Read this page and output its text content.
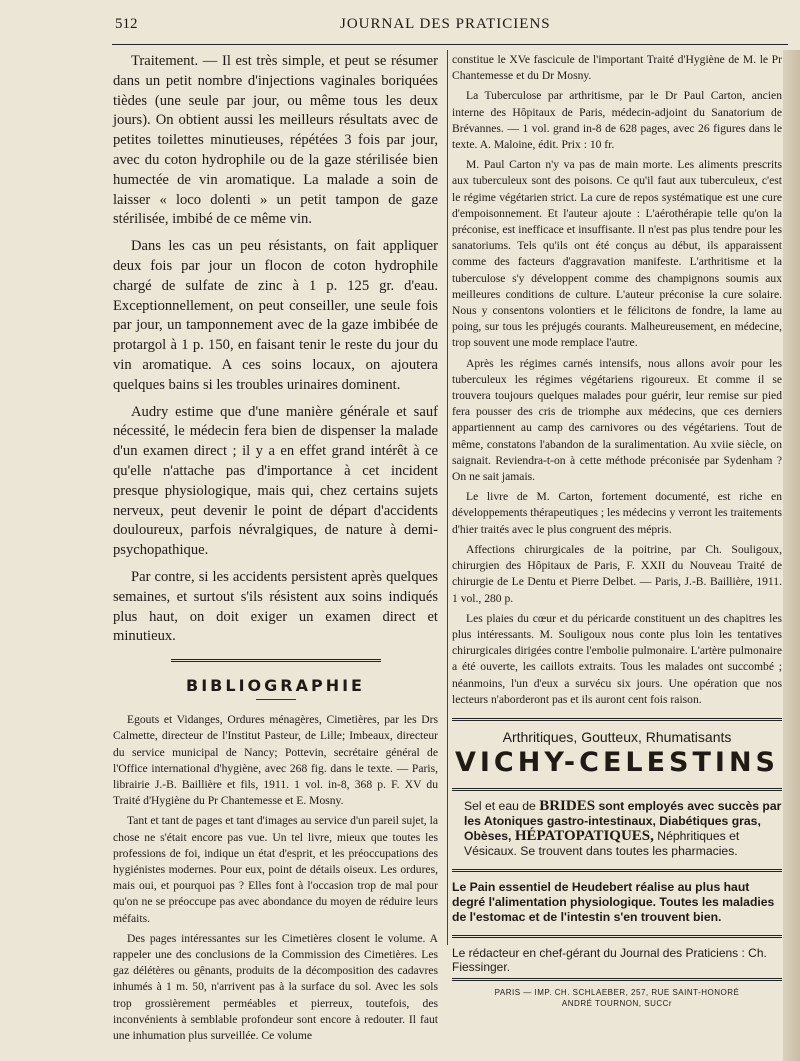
512	JOURNAL DES PRATICIENS

Traitement. — Il est très simple, et peut se résumer dans un petit nombre d'injections vaginales boriquées tièdes (une seule par jour, ou même tous les deux jours). On obtient aussi les meilleurs résultats avec de petites toilettes minutieuses, répétées 3 fois par jour, avec du coton hydrophile ou de la gaze stérilisée bien humectée de vin aromatique. La malade a soin de laisser « loco dolenti » un petit tampon de gaze stérilisée, imbibé de ce même vin.

Dans les cas un peu résistants, on fait appliquer deux fois par jour un flocon de coton hydrophile chargé de sulfate de zinc à 1 p. 125 gr. d'eau. Exceptionnellement, on peut conseiller, une seule fois par jour, un tamponnement avec de la gaze imbibée de protargol à 1 p. 150, en faisant tenir le reste du jour du vin aromatique. A ces soins locaux, on ajoutera quelques bains si les troubles urinaires dominent.

Audry estime que d'une manière générale et sauf nécessité, le médecin fera bien de dispenser la malade d'un examen direct ; il y a en effet grand intérêt à ce qu'elle n'attache pas d'importance à cet incident presque physiologique, mais qui, chez certains sujets nerveux, peut devenir le point de départ d'accidents douloureux, parfois névralgiques, de nature à demi-psychopathique.

Par contre, si les accidents persistent après quelques semaines, et surtout s'ils résistent aux soins indiqués plus haut, on doit exiger un examen direct et minutieux.

BIBLIOGRAPHIE

Egouts et Vidanges, Ordures ménagères, Cimetières, par les Drs Calmette, directeur de l'Institut Pasteur, de Lille; Imbeaux, directeur du service municipal de Nancy; Pottevin, secrétaire général de l'Office international d'hygiène, avec 268 fig. dans le texte. — Paris, librairie J.-B. Baillière et fils, 1911. 1 vol. in-8, 368 p. F. XV du Traité d'Hygiène du Pr Chantemesse et E. Mosny.

Tant et tant de pages et tant d'images au service d'un pareil sujet, la chose ne s'était encore pas vue. Un tel livre, mieux que toutes les professions de foi, indique un état d'esprit, et les préoccupations des hygiénistes modernes. Pour eux, point de détails oiseux. Les ordures, mais oui, et pourquoi pas ? Elles font à l'occasion trop de mal pour qu'on ne se préoccupe pas avec abondance du moyen de réduire leurs méfaits.

Des pages intéressantes sur les Cimetières closent le volume. A rappeler une des conclusions de la Commission des Cimetières. Les gaz délétères ou gênants, produits de la décomposition des cadavres inhumés à 1 m. 50, n'arrivent pas à la surface du sol. Avec les sols trop grossièrement perméables et pierreux, toutefois, des inconvénients à semblable profondeur sont encore à redouter. Il faut une inhumation plus surveillée. Ce volume

constitue le XVe fascicule de l'important Traité d'Hygiène de M. le Pr Chantemesse et du Dr Mosny.

La Tuberculose par arthritisme, par le Dr Paul Carton, ancien interne des Hôpitaux de Paris, médecin-adjoint du Sanatorium de Brévannes. — 1 vol. grand in-8 de 628 pages, avec 26 figures dans le texte. A. Maloine, édit. Prix : 10 fr.

M. Paul Carton n'y va pas de main morte. Les aliments prescrits aux tuberculeux sont des poisons. Ce qu'il faut aux tuberculeux, c'est le régime végétarien strict. La cure de repos systématique est une cure d'empoisonnement. Et l'auteur ajoute : L'aérothérapie telle qu'on la préconise, est inefficace et insuffisante. Il n'est pas plus tendre pour les sanatoriums. Tels qu'ils ont été conçus au début, ils apparaissent comme des facteurs d'aggravation manifeste. L'arthritisme et la tuberculose s'y développent comme des champignons soumis aux meilleures conditions de culture. L'auteur préconise la cure solaire. Nous y consentons volontiers et le félicitons de fondre, la lame au poing, sur tous les préjugés courants. Malheureusement, en médecine, trop souvent une mode remplace l'autre.

Après les régimes carnés intensifs, nous allons avoir pour les tuberculeux les régimes végétariens rigoureux. Et comme il se trouvera toujours quelques malades pour guérir, leur remise sur pied fera pousser des cris de triomphe aux médecins, que ces derniers appartiennent au camp des carnivores ou des végétariens. Tout de même, constatons l'abandon de la suralimentation. Au xviie siècle, on saignait. Reviendra-t-on à cette méthode préconisée par Sydenham ? On ne sait jamais.

Le livre de M. Carton, fortement documenté, est riche en développements thérapeutiques ; les médecins y verront les traitements d'hier traités avec le plus congruent des mépris.

Affections chirurgicales de la poitrine, par Ch. Souligoux, chirurgien des Hôpitaux de Paris, F. XXII du Nouveau Traité de chirurgie de Le Dentu et Pierre Delbet. — Paris, J.-B. Baillière, 1911. 1 vol., 280 p.

Les plaies du cœur et du péricarde constituent un des chapitres les plus intéressants. M. Souligoux nous conte plus loin les tentatives chirurgicales dirigées contre l'embolie pulmonaire. L'artère pulmonaire a été ouverte, les caillots extraits. Tous les malades ont succombé ; néanmoins, l'un d'eux a survécu six jours. Une opération que nos lecteurs n'aborderont pas et ils auront cent fois raison.

Arthritiques, Goutteux, Rhumatisants
VICHY-CELESTINS
Sel et eau de BRIDES sont employés avec succès par les Atoniques gastro-intestinaux, Diabétiques gras, Obèses, HÉPATOPATIQUES, Néphritiques et Vésicaux. Se trouvent dans toutes les pharmacies.
Le Pain essentiel de Heudebert réalise au plus haut degré l'alimentation physiologique. Toutes les maladies de l'estomac et de l'intestin s'en trouvent bien.
Le rédacteur en chef-gérant du Journal des Praticiens : Ch. Fiessinger.
PARIS — IMP. CH. SCHLAEBER, 257, RUE SAINT-HONORÉ
ANDRÉ TOURNON, SUCCr
